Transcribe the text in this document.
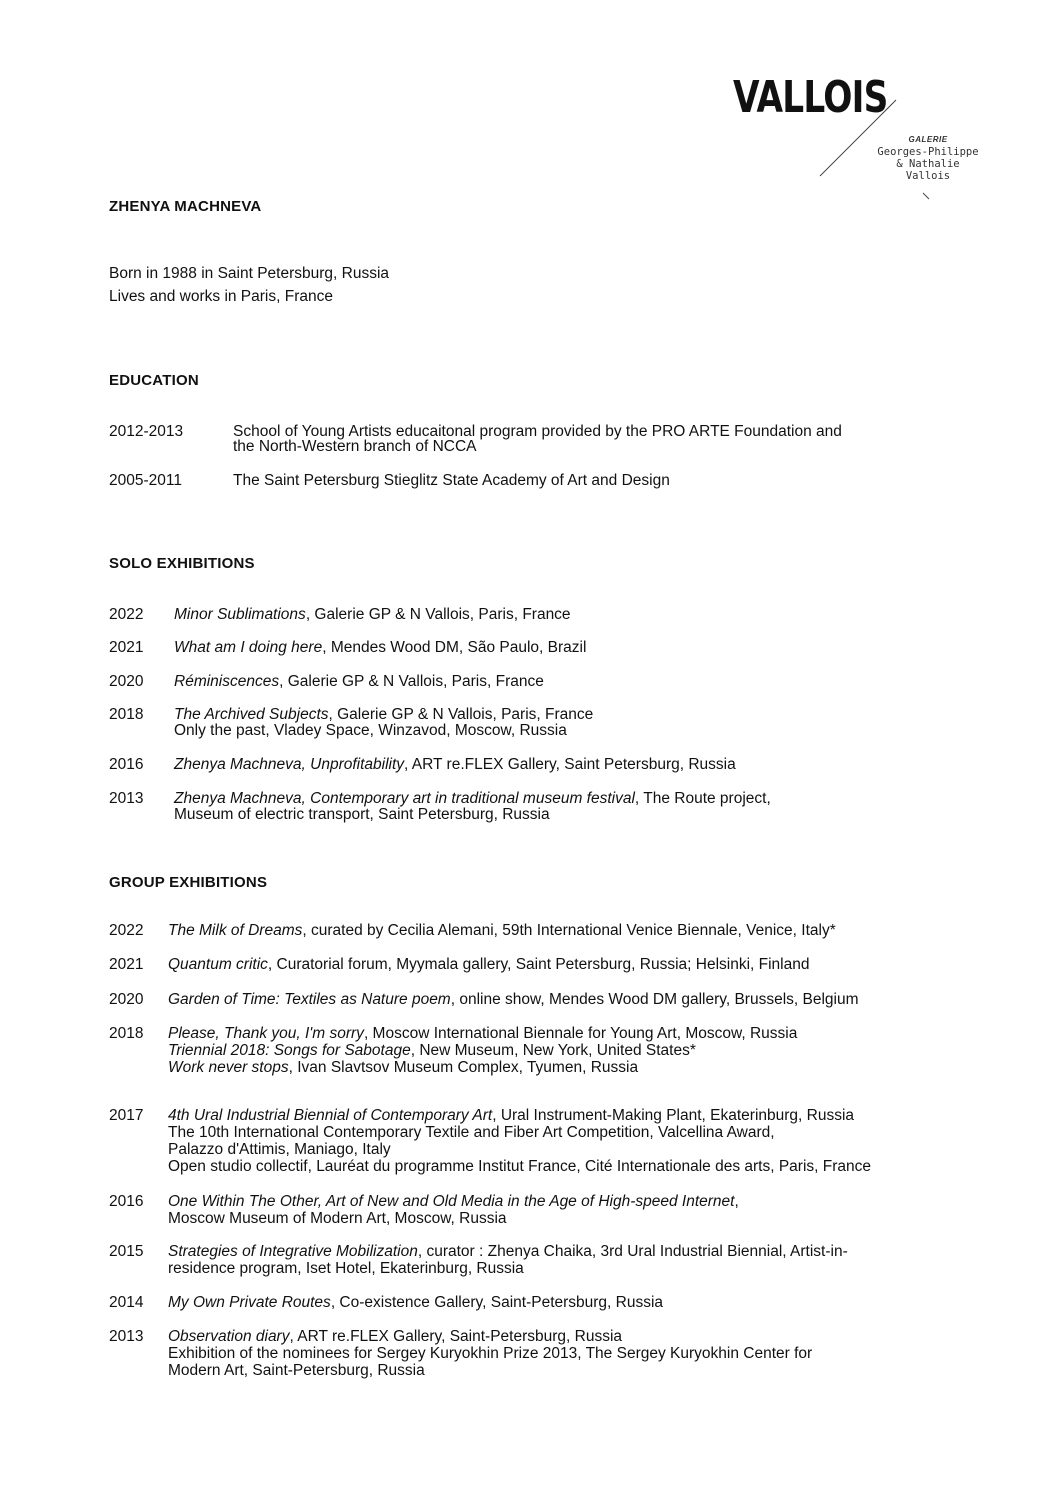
VALLOIS
GALERIE
Georges-Philippe
& Nathalie
Vallois
ZHENYA MACHNEVA
Born in 1988 in Saint Petersburg, Russia
Lives and works in Paris, France
EDUCATION
2012-2013	School of Young Artists educaitonal program provided by the PRO ARTE Foundation and
the North-Western branch of NCCA
2005-2011	The Saint Petersburg Stieglitz State Academy of Art and Design
SOLO EXHIBITIONS
2022 Minor Sublimations, Galerie GP & N Vallois, Paris, France
2021 What am I doing here, Mendes Wood DM, São Paulo, Brazil
2020 Réminiscences, Galerie GP & N Vallois, Paris, France
2018 The Archived Subjects, Galerie GP & N Vallois, Paris, France
Only the past, Vladey Space, Winzavod, Moscow, Russia
2016 Zhenya Machneva, Unprofitability, ART re.FLEX Gallery, Saint Petersburg, Russia
2013 Zhenya Machneva, Contemporary art in traditional museum festival, The Route project,
Museum of electric transport, Saint Petersburg, Russia
GROUP EXHIBITIONS
2022 The Milk of Dreams, curated by Cecilia Alemani, 59th International Venice Biennale, Venice, Italy*
2021 Quantum critic, Curatorial forum, Myymala gallery, Saint Petersburg, Russia; Helsinki, Finland
2020 Garden of Time: Textiles as Nature poem, online show, Mendes Wood DM gallery, Brussels, Belgium
2018 Please, Thank you, I'm sorry, Moscow International Biennale for Young Art, Moscow, Russia
Triennial 2018: Songs for Sabotage, New Museum, New York, United States*
Work never stops, Ivan Slavtsov Museum Complex, Tyumen, Russia
2017 4th Ural Industrial Biennial of Contemporary Art, Ural Instrument-Making Plant, Ekaterinburg, Russia
The 10th International Contemporary Textile and Fiber Art Competition, Valcellina Award,
Palazzo d'Attimis, Maniago, Italy
Open studio collectif, Lauréat du programme Institut France, Cité Internationale des arts, Paris, France
2016 One Within The Other, Art of New and Old Media in the Age of High-speed Internet,
Moscow Museum of Modern Art, Moscow, Russia
2015 Strategies of Integrative Mobilization, curator : Zhenya Chaika, 3rd Ural Industrial Biennial, Artist-in-
residence program, Iset Hotel, Ekaterinburg, Russia
2014 My Own Private Routes, Co-existence Gallery, Saint-Petersburg, Russia
2013 Observation diary, ART re.FLEX Gallery, Saint-Petersburg, Russia
Exhibition of the nominees for Sergey Kuryokhin Prize 2013, The Sergey Kuryokhin Center for
Modern Art, Saint-Petersburg, Russia
